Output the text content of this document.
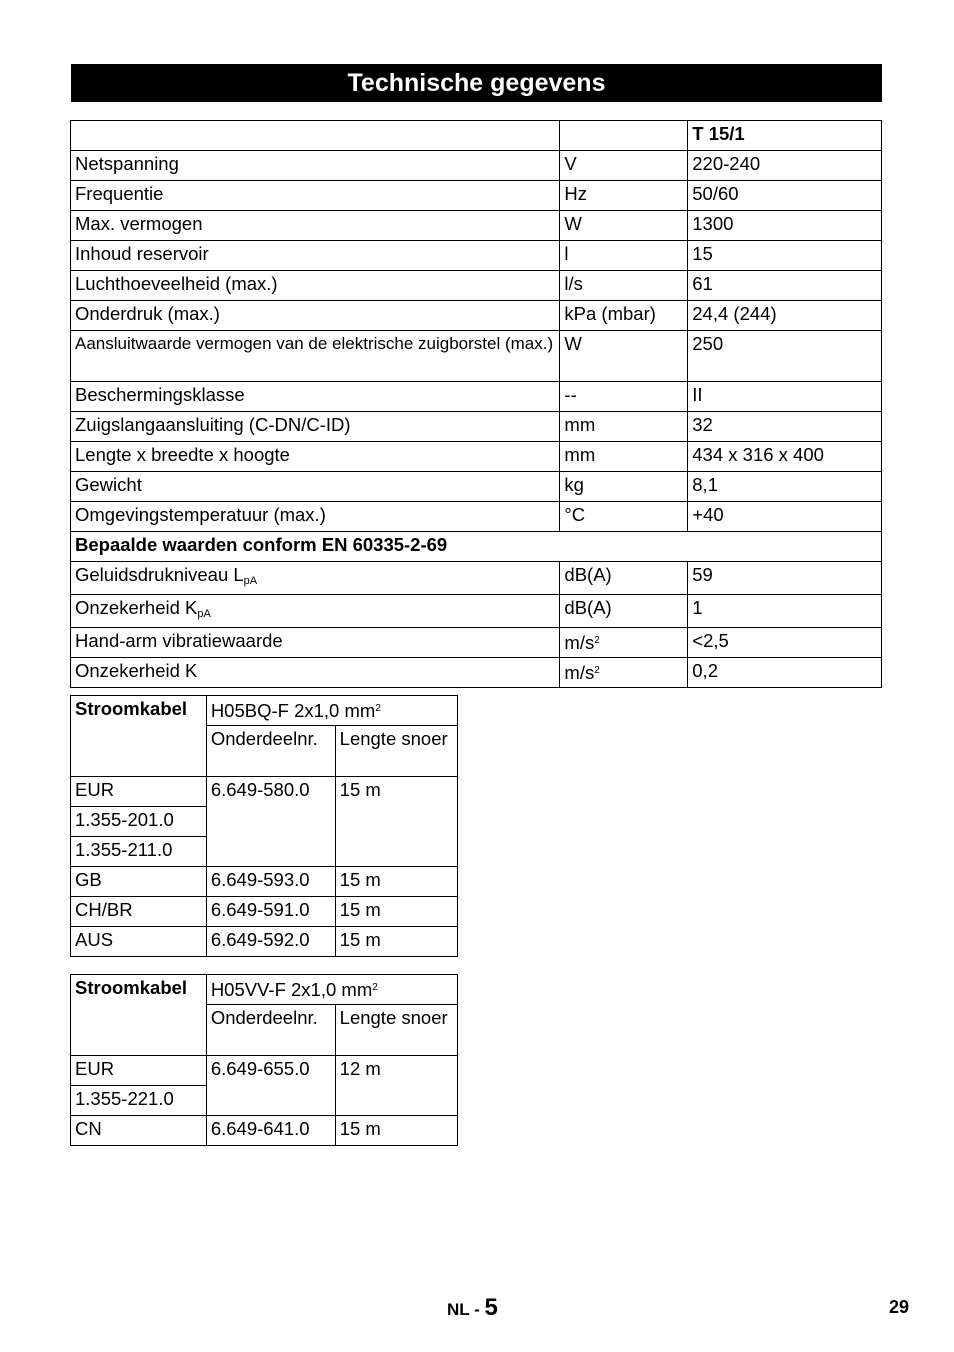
Technische gegevens
		T 15/1
Netspanning	V	220-240
Frequentie	Hz	50/60
Max. vermogen	W	1300
Inhoud reservoir	l	15
Luchthoeveelheid (max.)	l/s	61
Onderdruk (max.)	kPa (mbar)	24,4 (244)
Aansluitwaarde vermogen van de elektrische zuigborstel (max.)	W	250
Beschermingsklasse	--	II
Zuigslangaansluiting (C-DN/C-ID)	mm	32
Lengte x breedte x hoogte	mm	434 x 316 x 400
Gewicht	kg	8,1
Omgevingstemperatuur (max.)	°C	+40
Bepaalde waarden conform EN 60335-2-69		
Geluidsdrukniveau $L_{pA}$	dB(A)	59
Onzekerheid $K_{pA}$	dB(A)	1
Hand-arm vibratiewaarde	$m/s^2$	<2,5
Onzekerheid K	$m/s^2$	0,2
Stroomkabel	H05BQ-F 2x1,0 $mm^2$
	Onderdeelnr.	Lengte snoer
EUR	6.649-580.0	15 m
1.355-201.0		
1.355-211.0		
GB	6.649-593.0	15 m
CH/BR	6.649-591.0	15 m
AUS	6.649-592.0	15 m
Stroomkabel	H05VV-F 2x1,0 $mm^2$
	Onderdeelnr.	Lengte snoer
EUR	6.649-655.0	12 m
1.355-221.0		
CN	6.649-641.0	15 m
NL - 5	29
